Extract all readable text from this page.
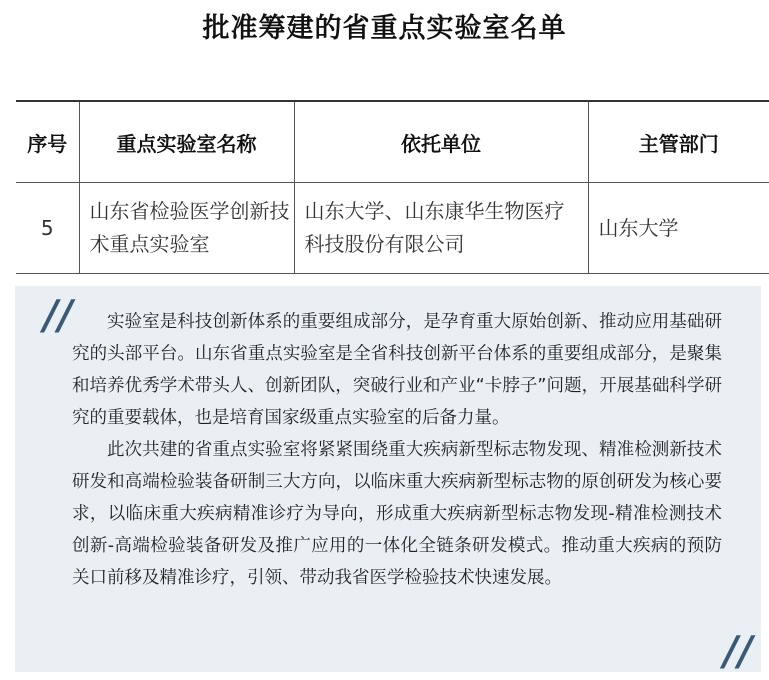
批准筹建的省重点实验室名单
序号	重点实验室名称	依托单位	主管部门
5	山东省检验医学创新技术重点实验室	山东大学、山东康华生物医疗科技股份有限公司	山东大学
//	实验室是科技创新体系的重要组成部分，是孕育重大原始创新、推动应用基础研究的头部平台。山东省重点实验室是全省科技创新平台体系的重要组成部分，是聚集和培养优秀学术带头人、创新团队，突破行业和产业“卡脖子”问题，开展基础科学研究的重要载体，也是培育国家级重点实验室的后备力量。

此次共建的省重点实验室将紧紧围绕重大疾病新型标志物发现、精准检测新技术研发和高端检验装备研制三大方向，以临床重大疾病新型标志物的原创研发为核心要求，以临床重大疾病精准诊疗为导向，形成重大疾病新型标志物发现-精准检测技术创新-高端检验装备研发及推广应用的一体化全链条研发模式。推动重大疾病的预防关口前移及精准诊疗，引领、带动我省医学检验技术快速发展。

//
